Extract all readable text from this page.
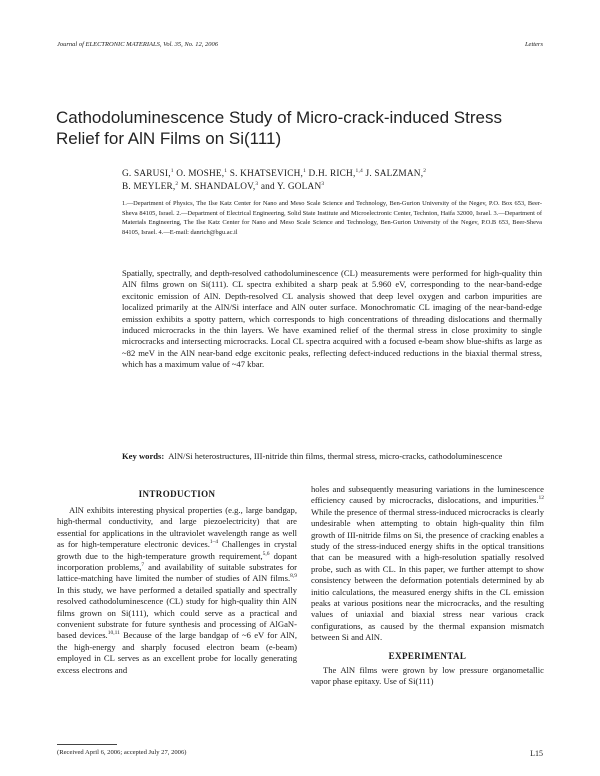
Journal of ELECTRONIC MATERIALS, Vol. 35, No. 12, 2006	Letters
Cathodoluminescence Study of Micro-crack-induced Stress Relief for AlN Films on Si(111)
G. SARUSI,$^1$ O. MOSHE,$^1$ S. KHATSEVICH,$^1$ D.H. RICH,$^{1,4}$ J. SALZMAN,$^2$
B. MEYLER,$^2$ M. SHANDALOV,$^3$ and Y. GOLAN$^3$
1.—Department of Physics, The Ilse Katz Center for Nano and Meso Scale Science and Technology, Ben-Gurion University of the Negev, P.O. Box 653, Beer-Sheva 84105, Israel. 2.—Department of Electrical Engineering, Solid State Institute and Microelectronic Center, Technion, Haifa 32000, Israel. 3.—Department of Materials Engineering, The Ilse Katz Center for Nano and Meso Scale Science and Technology, Ben-Gurion University of the Negev, P.O.B 653, Beer-Sheva 84105, Israel. 4.—E-mail: danrich@bgu.ac.il

Spatially, spectrally, and depth-resolved cathodoluminescence (CL) measurements were performed for high-quality thin AlN films grown on Si(111). CL spectra exhibited a sharp peak at 5.960 eV, corresponding to the near-band-edge excitonic emission of AlN. Depth-resolved CL analysis showed that deep level oxygen and carbon impurities are localized primarily at the AlN/Si interface and AlN outer surface. Monochromatic CL imaging of the near-band-edge emission exhibits a spotty pattern, which corresponds to high concentrations of threading dislocations and thermally induced microcracks in the thin layers. We have examined relief of the thermal stress in close proximity to single microcracks and intersecting microcracks. Local CL spectra acquired with a focused e-beam show blue-shifts as large as ~82 meV in the AlN near-band edge excitonic peaks, reflecting defect-induced reductions in the biaxial thermal stress, which has a maximum value of ~47 kbar.

Key words: AlN/Si heterostructures, III-nitride thin films, thermal stress, micro-cracks, cathodoluminescence
INTRODUCTION

AlN exhibits interesting physical properties (e.g., large bandgap, high-thermal conductivity, and large piezoelectricity) that are essential for applications in the ultraviolet wavelength range as well as for high-temperature electronic devices.$^{1-4}$ Challenges in crystal growth due to the high-temperature growth requirement,$^{5,6}$ dopant incorporation problems,$^7$ and availability of suitable substrates for lattice-matching have limited the number of studies of AlN films.$^{8,9}$ In this study, we have performed a detailed spatially and spectrally resolved cathodoluminescence (CL) study for high-quality thin AlN films grown on Si(111), which could serve as a practical and convenient substrate for future synthesis and processing of AlGaN-based devices.$^{10,11}$ Because of the large bandgap of ~6 eV for AlN, the high-energy and sharply focused electron beam (e-beam) employed in CL serves as an excellent probe for locally generating excess electrons and

holes and subsequently measuring variations in the luminescence efficiency caused by microcracks, dislocations, and impurities.$^{12}$ While the presence of thermal stress-induced microcracks is clearly undesirable when attempting to obtain high-quality thin film growth of III-nitride films on Si, the presence of cracking enables a study of the stress-induced energy shifts in the optical transitions that can be measured with a high-resolution spatially resolved probe, such as with CL. In this paper, we further attempt to show consistency between the deformation potentials determined by ab initio calculations, the measured energy shifts in the CL emission peaks at various positions near the microcracks, and the resulting values of uniaxial and biaxial stress near various crack configurations, as caused by the thermal expansion mismatch between Si and AlN.

EXPERIMENTAL

The AlN films were grown by low pressure organometallic vapor phase epitaxy. Use of Si(111)

(Received April 6, 2006; accepted July 27, 2006)	L15
